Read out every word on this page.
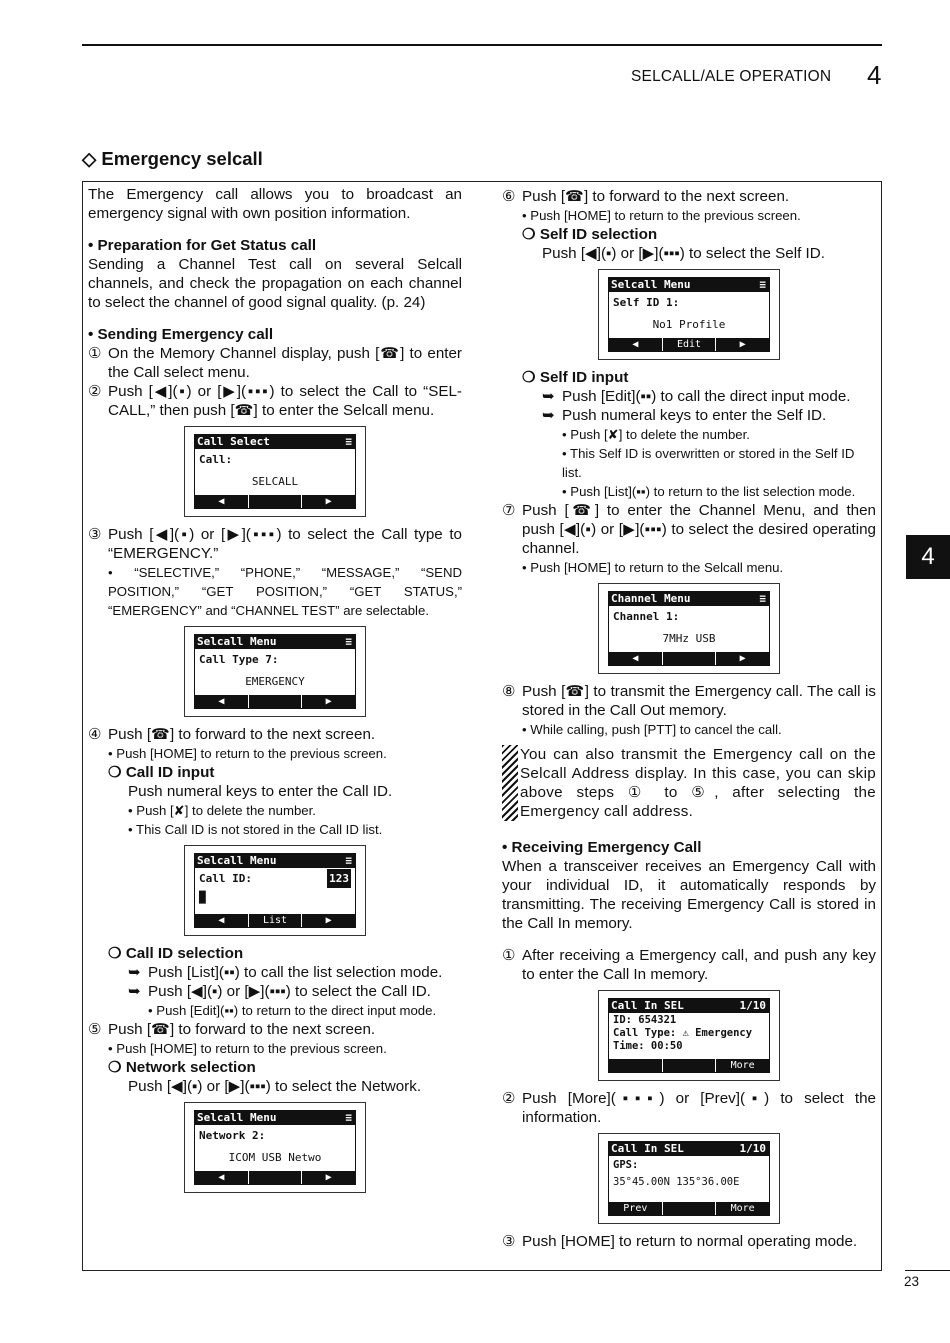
SELCALL/ALE OPERATION 4
◇ Emergency selcall
4

The Emergency call allows you to broadcast an emergency signal with own position information.

• Preparation for Get Status call

Sending a Channel Test call on several Selcall channels, and check the propagation on each channel to select the channel of good signal quality. (p. 24)

• Sending Emergency call

① On the Memory Channel display, push [☎] to enter the Call select menu.

② Push [◀](▪) or [▶](▪▪▪) to select the Call to “SEL-CALL,” then push [☎] to enter the Selcall menu.

Call Select	≡
Call:
SELCALL
◀	▶
③ Push [◀](▪) or [▶](▪▪▪) to select the Call type to “EMERGENCY.”

• “SELECTIVE,” “PHONE,” “MESSAGE,” “SEND POSITION,” “GET POSITION,” “GET STATUS,” “EMERGENCY” and “CHANNEL TEST” are selectable.

Selcall Menu	≡
Call Type 7:
EMERGENCY
◀	▶
④ Push [☎] to forward to the next screen.

• Push [HOME] to return to the previous screen.

❍ Call ID input

Push numeral keys to enter the Call ID.

• Push [✘] to delete the number.

• This Call ID is not stored in the Call ID list.

Selcall Menu	≡
Call ID:	123
█
◀	List	▶

❍ Call ID selection

➥ Push [List](▪▪) to call the list selection mode.

➥ Push [◀](▪) or [▶](▪▪▪) to select the Call ID.

• Push [Edit](▪▪) to return to the direct input mode.

⑤ Push [☎] to forward to the next screen.

• Push [HOME] to return to the previous screen.

❍ Network selection

Push [◀](▪) or [▶](▪▪▪) to select the Network.

Selcall Menu	≡
Network 2:
ICOM USB Netwo
◀	▶
⑥ Push [☎] to forward to the next screen.

• Push [HOME] to return to the previous screen.

❍ Self ID selection

Push [◀](▪) or [▶](▪▪▪) to select the Self ID.

Selcall Menu	≡
Self ID 1:
No1 Profile
◀	Edit	▶

❍ Self ID input

➥ Push [Edit](▪▪) to call the direct input mode.

➥ Push numeral keys to enter the Self ID.

• Push [✘] to delete the number.

• This Self ID is overwritten or stored in the Self ID list.

• Push [List](▪▪) to return to the list selection mode.

⑦ Push [☎] to enter the Channel Menu, and then push [◀](▪) or [▶](▪▪▪) to select the desired operating channel.

• Push [HOME] to return to the Selcall menu.

Channel Menu	≡
Channel 1:
7MHz USB
◀	▶
⑧ Push [☎] to transmit the Emergency call. The call is stored in the Call Out memory.

• While calling, push [PTT] to cancel the call.

You can also transmit the Emergency call on the Selcall Address display. In this case, you can skip above steps ① to ⑤, after selecting the Emergency call address.

• Receiving Emergency Call

When a transceiver receives an Emergency Call with your individual ID, it automatically responds by transmitting. The receiving Emergency Call is stored in the Call In memory.

① After receiving a Emergency call, and push any key to enter the Call In memory.

Call In SEL	1/10
ID: 654321
Call Type: ⚠ Emergency
Time: 00:50
More
② Push [More](▪▪▪) or [Prev](▪) to select the information.

Call In SEL	1/10
GPS:
35°45.00N 135°36.00E
Prev	More
③ Push [HOME] to return to normal operating mode.

23
